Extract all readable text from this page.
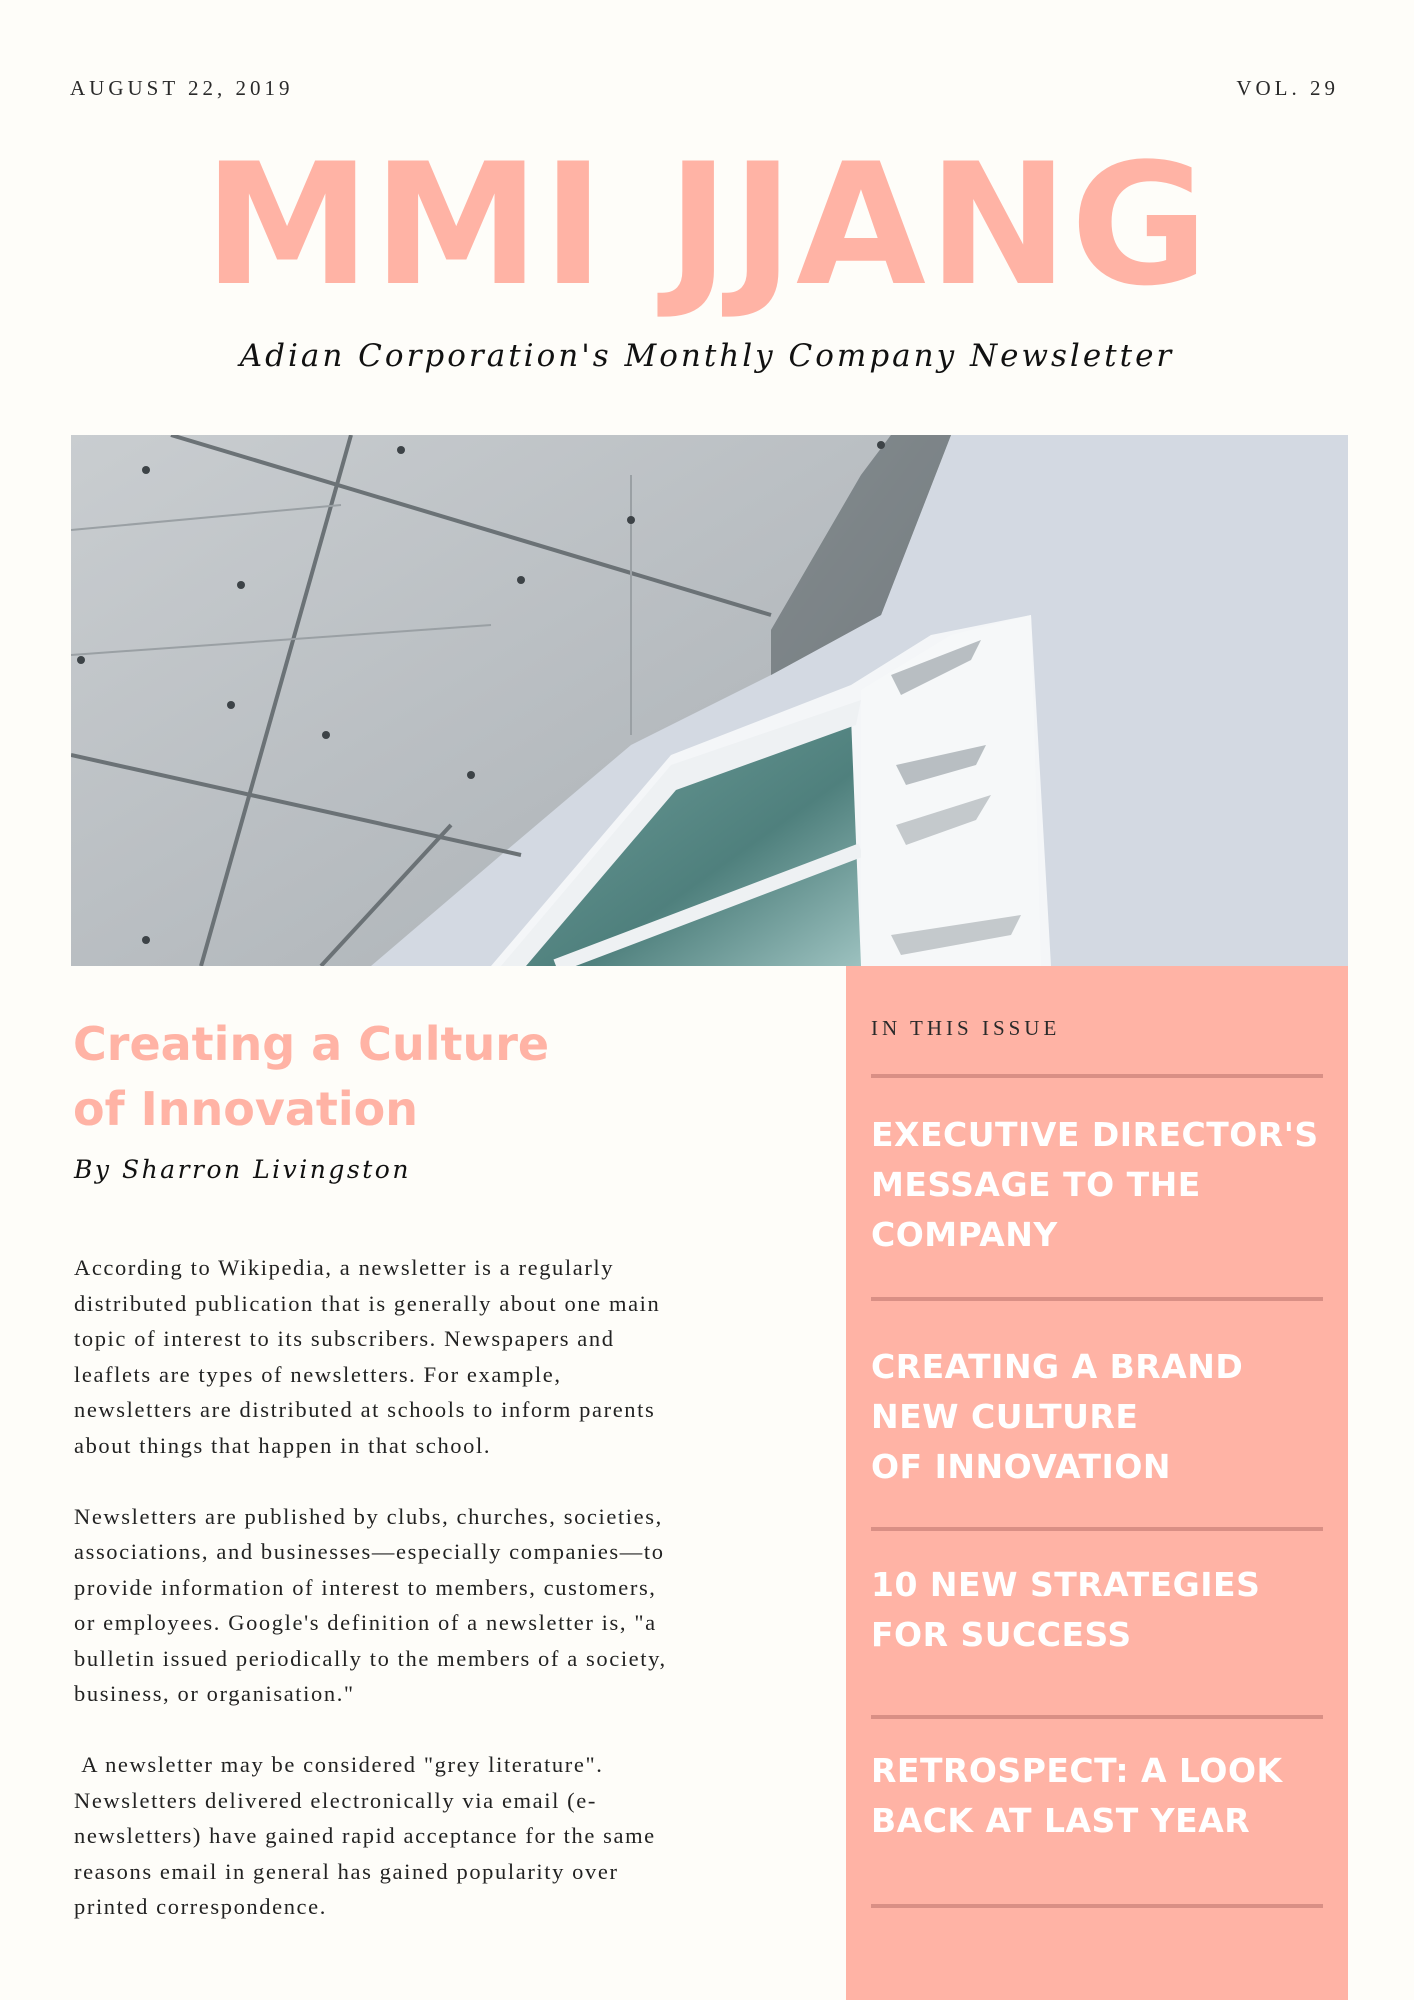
AUGUST 22, 2019	VOL. 29
MMI JJANG
Adian Corporation's Monthly Company Newsletter
Creating a Culture
of Innovation
By Sharron Livingston

According to Wikipedia, a newsletter is a regularly
distributed publication that is generally about one main
topic of interest to its subscribers. Newspapers and
leaflets are types of newsletters. For example,
newsletters are distributed at schools to inform parents
about things that happen in that school.

Newsletters are published by clubs, churches, societies,
associations, and businesses—especially companies—to
provide information of interest to members, customers,
or employees. Google's definition of a newsletter is, "a
bulletin issued periodically to the members of a society,
business, or organisation."

A newsletter may be considered "grey literature".
Newsletters delivered electronically via email (e-
newsletters) have gained rapid acceptance for the same
reasons email in general has gained popularity over
printed correspondence.

IN THIS ISSUE
EXECUTIVE DIRECTOR'S
MESSAGE TO THE
COMPANY
CREATING A BRAND
NEW CULTURE
OF INNOVATION
10 NEW STRATEGIES
FOR SUCCESS
RETROSPECT: A LOOK
BACK AT LAST YEAR
